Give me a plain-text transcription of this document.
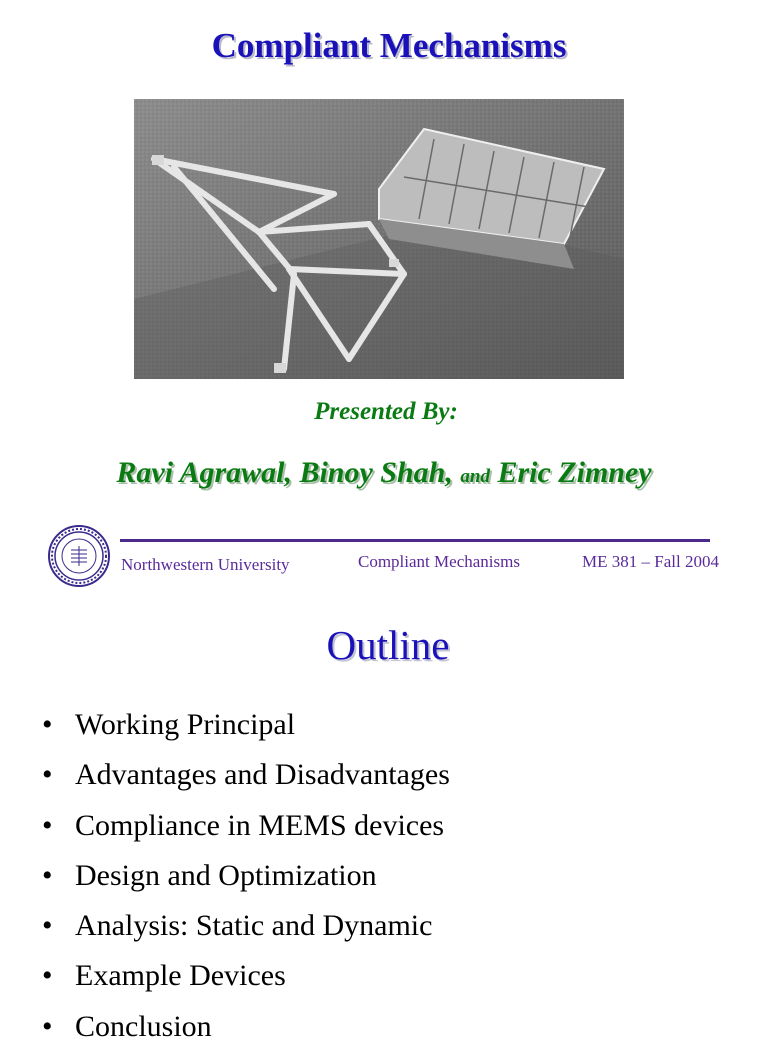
Compliant Mechanisms
Presented By:
Ravi Agrawal, Binoy Shah, and Eric Zimney
Northwestern University	Compliant Mechanisms	ME 381 – Fall 2004
Outline
• Working Principal
• Advantages and Disadvantages
• Compliance in MEMS devices
• Design and Optimization
• Analysis: Static and Dynamic
• Example Devices
• Conclusion
